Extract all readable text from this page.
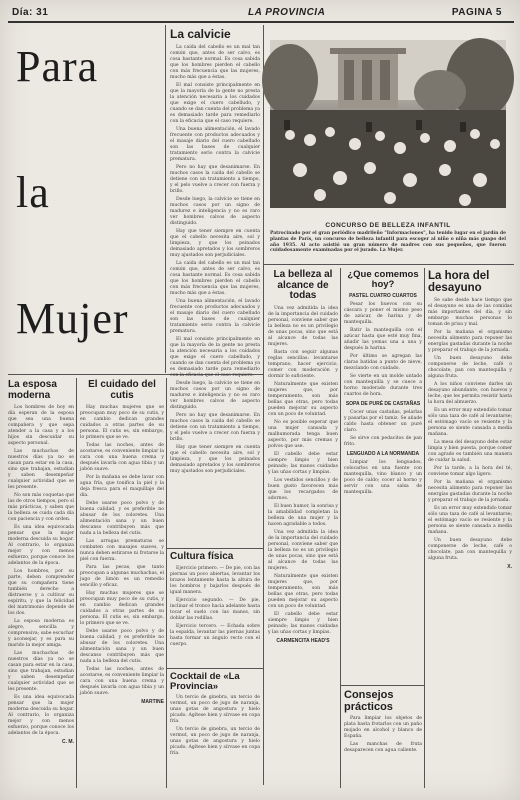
Día: 31	LA PROVINCIA	PAGINA 5
Para
la
Mujer
La calvicie

La caída del cabello es un mal tan común que, antes de ser calvo, es cosa bastante normal. Es cosa sabida que los hombres pierden el cabello con más frecuencia que las mujeres, mucho más que a éstas.

El mal consiste principalmente en que la mayoría de la gente no presta la atención necesaria a los cuidados que exige el cuero cabelludo, y cuando se dan cuenta del problema ya es demasiado tarde para remediarlo con la eficacia que el caso requiere.

Una buena alimentación, el lavado frecuente con productos adecuados y el masaje diario del cuero cabelludo son las bases de cualquier tratamiento serio contra la calvicie prematura.

Pero no hay que desanimarse. En muchos casos la caída del cabello se detiene con un tratamiento a tiempo, y el pelo vuelve a crecer con fuerza y brillo.

Desde luego, la calvicie se tiene en muchos casos por un signo de madurez e inteligencia y no es raro ver hombres calvos de aspecto distinguido.

Hay que tener siempre en cuenta que el cabello necesita aire, sol y limpieza, y que los peinados demasiado apretados y los sombreros muy ajustados son perjudiciales.

La caída del cabello es un mal tan común que, antes de ser calvo, es cosa bastante normal. Es cosa sabida que los hombres pierden el cabello con más frecuencia que las mujeres, mucho más que a éstas.

Una buena alimentación, el lavado frecuente con productos adecuados y el masaje diario del cuero cabelludo son las bases de cualquier tratamiento serio contra la calvicie prematura.

El mal consiste principalmente en que la mayoría de la gente no presta la atención necesaria a los cuidados que exige el cuero cabelludo, y cuando se dan cuenta del problema ya es demasiado tarde para remediarlo con la eficacia que el caso requiere.

Desde luego, la calvicie se tiene en muchos casos por un signo de madurez e inteligencia y no es raro ver hombres calvos de aspecto distinguido.

Pero no hay que desanimarse. En muchos casos la caída del cabello se detiene con un tratamiento a tiempo, y el pelo vuelve a crecer con fuerza y brillo.

Hay que tener siempre en cuenta que el cabello necesita aire, sol y limpieza, y que los peinados demasiado apretados y los sombreros muy ajustados son perjudiciales.

CONCURSO DE BELLEZA INFANTIL
Patrocinado por el gran periódico madrileño "Informaciones", ha tenido lugar en el jardín de plantas de París, un concurso de belleza infantil para escoger al niño o niña más guapo del año 1935. Al acto asistió un gran número de madres con sus pequeños, que fueron cuidadosamente examinadas por el jurado. La Mujer.
La esposa moderna

Los hombres de hoy en día esperan de la esposa que sea una buena compañera y que sepa atender a la casa y a los hijos sin descuidar su aspecto personal.

Las muchachas de nuestros días ya no se casan para estar en la casa, sino que trabajan, estudian y saben desempeñar cualquier actividad que se les presente.

No son más coquetas que las de otros tiempos, pero sí más prácticas, y saben que la belleza se cuida cada día con paciencia y con orden.

Es una idea equivocada pensar que la mujer moderna descuida su hogar. Al contrario, lo organiza mejor y con menos esfuerzo, porque conoce los adelantos de la época.

Los hombres, por su parte, deben comprender que su compañera tiene también derecho a distraerse y a cultivar su espíritu, y que la felicidad del matrimonio depende de los dos.

La esposa moderna es alegre, sencilla y comprensiva; sabe escuchar y aconsejar, y es para su marido la mejor amiga.

Las muchachas de nuestros días ya no se casan para estar en la casa, sino que trabajan, estudian y saben desempeñar cualquier actividad que se les presente.

Es una idea equivocada pensar que la mujer moderna descuida su hogar. Al contrario, lo organiza mejor y con menos esfuerzo, porque conoce los adelantos de la época.

C. M.
El cuidado del cutis

Hay muchas mujeres que se preocupan muy poco de su cutis, y en cambio dedican grandes cuidados a otras partes de su persona. El cutis es, sin embargo, lo primero que se ve.

Todas las noches, antes de acostarse, es conveniente limpiar la cara con una buena crema y después lavarla con agua tibia y un jabón suave.

Por la mañana se debe lavar con agua fría, que tonifica la piel y la deja fresca para el maquillaje del día.

Debe usarse poco polvo y de buena calidad, y es preferible no abusar de los coloretes. Una alimentación sana y un buen descanso contribuyen más que nada a la belleza del cutis.

Las arrugas prematuras se combaten con masajes suaves, y nunca deben estirarse ni frotarse la piel con fuerza.

Para las pecas, que tanto preocupan a algunas muchachas, el jugo de limón es un remedio sencillo y eficaz.

Hay muchas mujeres que se preocupan muy poco de su cutis, y en cambio dedican grandes cuidados a otras partes de su persona. El cutis es, sin embargo, lo primero que se ve.

Debe usarse poco polvo y de buena calidad, y es preferible no abusar de los coloretes. Una alimentación sana y un buen descanso contribuyen más que nada a la belleza del cutis.

Todas las noches, antes de acostarse, es conveniente limpiar la cara con una buena crema y después lavarla con agua tibia y un jabón suave.

MARTINE
Cultura física

Ejercicio primero. — De pie, con las piernas un poco abiertas, levantar los brazos lentamente hasta la altura de los hombros y bajarlos después de igual manera.

Ejercicio segundo. — De pie, inclinar el tronco hacia adelante hasta tocar el suelo con las manos, sin doblar las rodillas.

Ejercicio tercero. — Echada sobre la espalda, levantar las piernas juntas hasta formar un ángulo recto con el cuerpo.

Cocktail de «La Provincia»

Un tercio de ginebra, un tercio de vermut, un poco de jugo de naranja, unas gotas de angostura y hielo picado. Agítese bien y sírvase en copa fría.

Un tercio de ginebra, un tercio de vermut, un poco de jugo de naranja, unas gotas de angostura y hielo picado. Agítese bien y sírvase en copa fría.

La belleza al alcance de todas

Una vez admitida la idea de la importancia del cuidado personal, conviene saber que la belleza no es un privilegio de unas pocas, sino que está al alcance de todas las mujeres.

Basta con seguir algunas reglas sencillas: levantarse temprano, hacer ejercicio, comer con moderación y dormir lo suficiente.

Naturalmente que existen mujeres que, por temperamento, son más bellas que otras, pero todas pueden mejorar su aspecto con un poco de voluntad.

No es posible esperar que una mujer cansada y malhumorada tenga buen aspecto, por más cremas y polvos que use.

El cabello debe estar siempre limpio y bien peinado; las manos cuidadas y las uñas cortas y limpias.

Los vestidos sencillos y de buen gusto favorecen más que los recargados de adornos.

El buen humor, la sonrisa y la amabilidad completan la belleza de una mujer y la hacen agradable a todos.

Una vez admitida la idea de la importancia del cuidado personal, conviene saber que la belleza no es un privilegio de unas pocas, sino que está al alcance de todas las mujeres.

Naturalmente que existen mujeres que, por temperamento, son más bellas que otras, pero todas pueden mejorar su aspecto con un poco de voluntad.

El cabello debe estar siempre limpio y bien peinado; las manos cuidadas y las uñas cortas y limpias.

CARMENCITA HEAD'S
¿Que comemos hoy?
PASTEL CUATRO CUARTOS

Pesar los huevos con su cáscara y poner el mismo peso de azúcar, de harina y de mantequilla.

Batir la mantequilla con el azúcar hasta que esté muy fina, añadir las yemas una a una y después la harina.

Por último se agregan las claras batidas a punto de nieve, mezclando con cuidado.

Se vierte en un molde untado con mantequilla y se cuece a horno moderado durante tres cuartos de hora.

SOPA DE PURÉ DE CASTAÑAS

Cocer unas castañas, pelarlas y pasarlas por el tamiz. Se añade caldo hasta obtener un puré claro.

Se sirve con pedacitos de pan frito.

LENGUADO A LA NORMANDA

Limpiar los lenguados, colocarlos en una fuente con mantequilla, vino blanco y un poco de caldo; cocer al horno y servir con una salsa de mantequilla.

Consejos prácticos

Para limpiar los objetos de plata basta frotarlos con un paño mojado en alcohol y blanco de España.

Las manchas de fruta desaparecen con agua caliente.

La hora del desayuno

Se sabe desde hace tiempo que el desayuno es una de las comidas más importantes del día, y sin embargo muchas personas lo toman de prisa y mal.

Por la mañana el organismo necesita alimento para reponer las energías gastadas durante la noche y preparar el trabajo de la jornada.

Un buen desayuno debe componerse de leche, café o chocolate, pan con mantequilla y alguna fruta.

A los niños conviene darles un desayuno abundante, con huevos y leche, que les permita resistir hasta la hora del almuerzo.

Es un error muy extendido tomar sólo una taza de café al levantarse; el estómago vacío se resiente y la persona se siente cansada a media mañana.

La mesa del desayuno debe estar limpia y bien puesta, porque comer con agrado es también una manera de cuidar la salud.

Por la tarde, a la hora del té, conviene tomar algo ligero.

Por la mañana el organismo necesita alimento para reponer las energías gastadas durante la noche y preparar el trabajo de la jornada.

Es un error muy extendido tomar sólo una taza de café al levantarse; el estómago vacío se resiente y la persona se siente cansada a media mañana.

Un buen desayuno debe componerse de leche, café o chocolate, pan con mantequilla y alguna fruta.

X.
